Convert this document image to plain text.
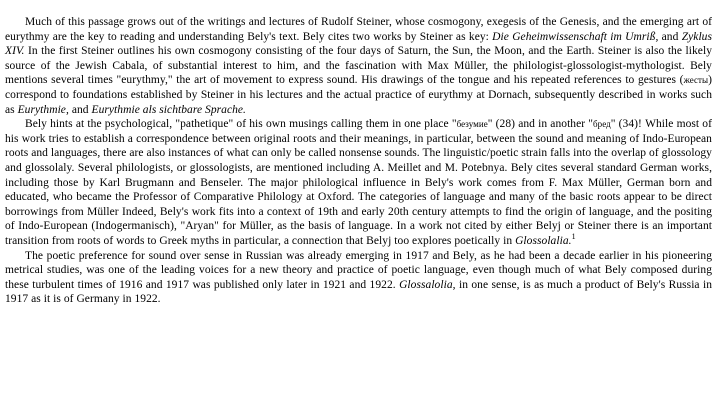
Much of this passage grows out of the writings and lectures of Rudolf Steiner, whose cosmogony, exegesis of the Genesis, and the emerging art of eurythmy are the key to reading and understanding Bely's text. Bely cites two works by Steiner as key: Die Geheimwissenschaft im Umriß, and Zyklus XIV. In the first Steiner outlines his own cosmogony consisting of the four days of Saturn, the Sun, the Moon, and the Earth. Steiner is also the likely source of the Jewish Cabala, of substantial interest to him, and the fascination with Max Müller, the philologist-glossologist-mythologist. Bely mentions several times "eurythmy," the art of movement to express sound. His drawings of the tongue and his repeated references to gestures (жесты) correspond to foundations established by Steiner in his lectures and the actual practice of eurythmy at Dornach, subsequently described in works such as Eurythmie, and Eurythmie als sichtbare Sprache.

Bely hints at the psychological, "pathetique" of his own musings calling them in one place "безумие" (28) and in another "бред" (34)! While most of his work tries to establish a correspondence between original roots and their meanings, in particular, between the sound and meaning of Indo-European roots and languages, there are also instances of what can only be called nonsense sounds. The linguistic/poetic strain falls into the overlap of glossology and glossolaly. Several philologists, or glossologists, are mentioned including A. Meillet and M. Potebnya. Bely cites several standard German works, including those by Karl Brugmann and Benseler. The major philological influence in Bely's work comes from F. Max Müller, German born and educated, who became the Professor of Comparative Philology at Oxford. The categories of language and many of the basic roots appear to be direct borrowings from Müller Indeed, Bely's work fits into a context of 19th and early 20th century attempts to find the origin of language, and the positing of Indo-European (Indogermanisch), "Aryan" for Müller, as the basis of language. In a work not cited by either Belyj or Steiner there is an important transition from roots of words to Greek myths in particular, a connection that Belyj too explores poetically in Glossolalia.$^1$

The poetic preference for sound over sense in Russian was already emerging in 1917 and Bely, as he had been a decade earlier in his pioneering metrical studies, was one of the leading voices for a new theory and practice of poetic language, even though much of what Bely composed during these turbulent times of 1916 and 1917 was published only later in 1921 and 1922. Glossalolia, in one sense, is as much a product of Bely's Russia in 1917 as it is of Germany in 1922.
